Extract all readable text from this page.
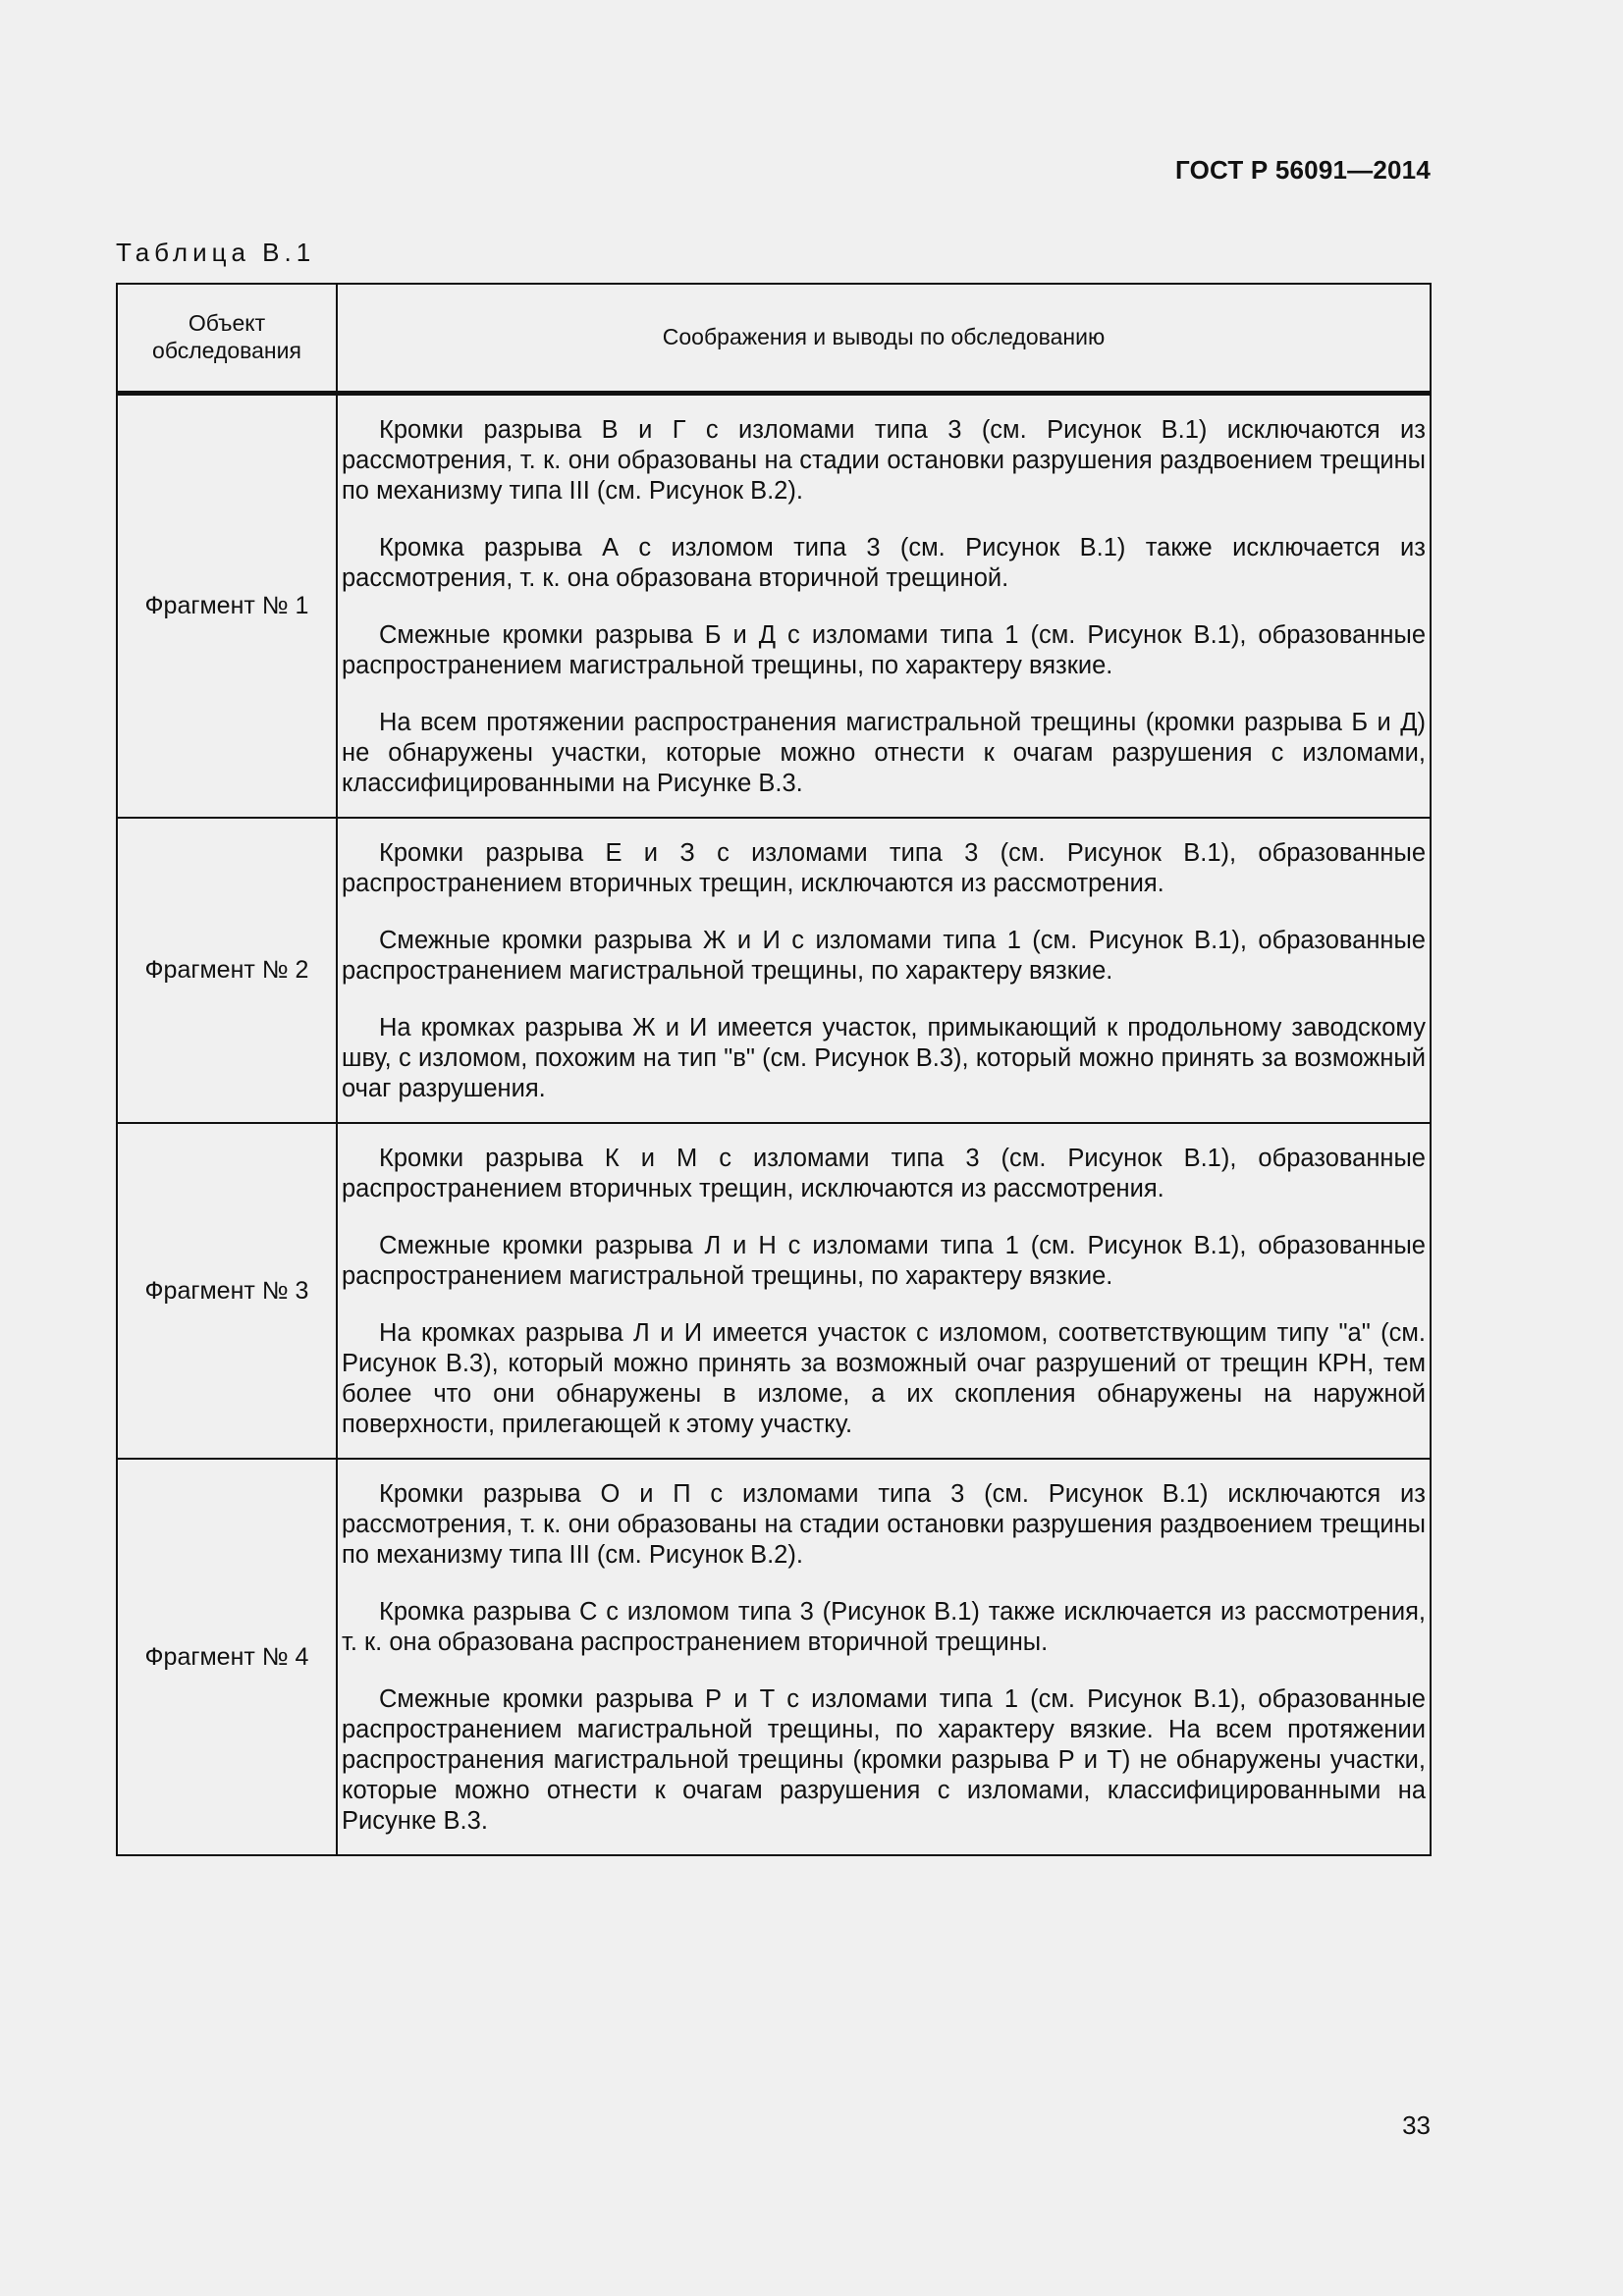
ГОСТ Р 56091—2014
Таблица В.1
Объект обследования	Соображения и выводы по обследованию
Фрагмент № 1	Кромки разрыва В и Г с изломами типа 3 (см. Рисунок В.1) исключаются из рассмотрения, т. к. они образованы на стадии остановки разрушения раздвоением трещины по механизму типа III (см. Рисунок В.2).

Кромка разрыва А с изломом типа 3 (см. Рисунок В.1) также исключается из рассмотрения, т. к. она образована вторичной трещиной.

Смежные кромки разрыва Б и Д с изломами типа 1 (см. Рисунок В.1), образованные распространением магистральной трещины, по характеру вязкие.

На всем протяжении распространения магистральной трещины (кромки разрыва Б и Д) не обнаружены участки, которые можно отнести к очагам разрушения с изломами, классифицированными на Рисунке В.3.

Фрагмент № 2	Кромки разрыва Е и З с изломами типа 3 (см. Рисунок В.1), образованные распространением вторичных трещин, исключаются из рассмотрения.

Смежные кромки разрыва Ж и И с изломами типа 1 (см. Рисунок В.1), образованные распространением магистральной трещины, по характеру вязкие.

На кромках разрыва Ж и И имеется участок, примыкающий к продольному заводскому шву, с изломом, похожим на тип "в" (см. Рисунок В.3), который можно принять за возможный очаг разрушения.

Фрагмент № 3	Кромки разрыва К и М с изломами типа 3 (см. Рисунок В.1), образованные распространением вторичных трещин, исключаются из рассмотрения.

Смежные кромки разрыва Л и Н с изломами типа 1 (см. Рисунок В.1), образованные распространением магистральной трещины, по характеру вязкие.

На кромках разрыва Л и И имеется участок с изломом, соответствующим типу "а" (см. Рисунок В.3), который можно принять за возможный очаг разрушений от трещин КРН, тем более что они обнаружены в изломе, а их скопления обнаружены на наружной поверхности, прилегающей к этому участку.

Фрагмент № 4	Кромки разрыва О и П с изломами типа 3 (см. Рисунок В.1) исключаются из рассмотрения, т. к. они образованы на стадии остановки разрушения раздвоением трещины по механизму типа III (см. Рисунок В.2).

Кромка разрыва С с изломом типа 3 (Рисунок В.1) также исключается из рассмотрения, т. к. она образована распространением вторичной трещины.

Смежные кромки разрыва Р и Т с изломами типа 1 (см. Рисунок В.1), образованные распространением магистральной трещины, по характеру вязкие. На всем протяжении распространения магистральной трещины (кромки разрыва Р и Т) не обнаружены участки, которые можно отнести к очагам разрушения с изломами, классифицированными на Рисунке В.3.

33
